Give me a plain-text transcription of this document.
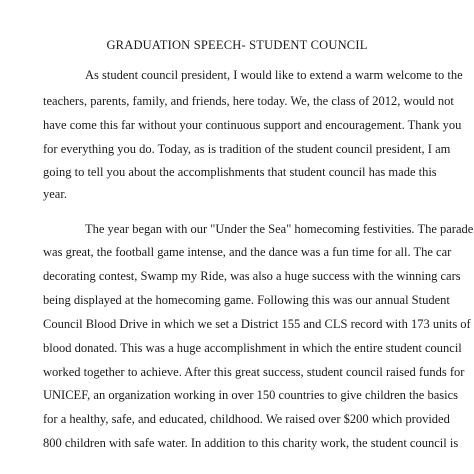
GRADUATION SPEECH- STUDENT COUNCIL
As student council president, I would like to extend a warm welcome to the
teachers, parents, family, and friends, here today. We, the class of 2012, would not
have come this far without your continuous support and encouragement. Thank you
for everything you do. Today, as is tradition of the student council president, I am
going to tell you about the accomplishments that student council has made this
year.
The year began with our "Under the Sea" homecoming festivities. The parade
was great, the football game intense, and the dance was a fun time for all. The car
decorating contest, Swamp my Ride, was also a huge success with the winning cars
being displayed at the homecoming game. Following this was our annual Student
Council Blood Drive in which we set a District 155 and CLS record with 173 units of
blood donated. This was a huge accomplishment in which the entire student council
worked together to achieve. After this great success, student council raised funds for
UNICEF, an organization working in over 150 countries to give children the basics
for a healthy, safe, and educated, childhood. We raised over $200 which provided
800 children with safe water. In addition to this charity work, the student council is
